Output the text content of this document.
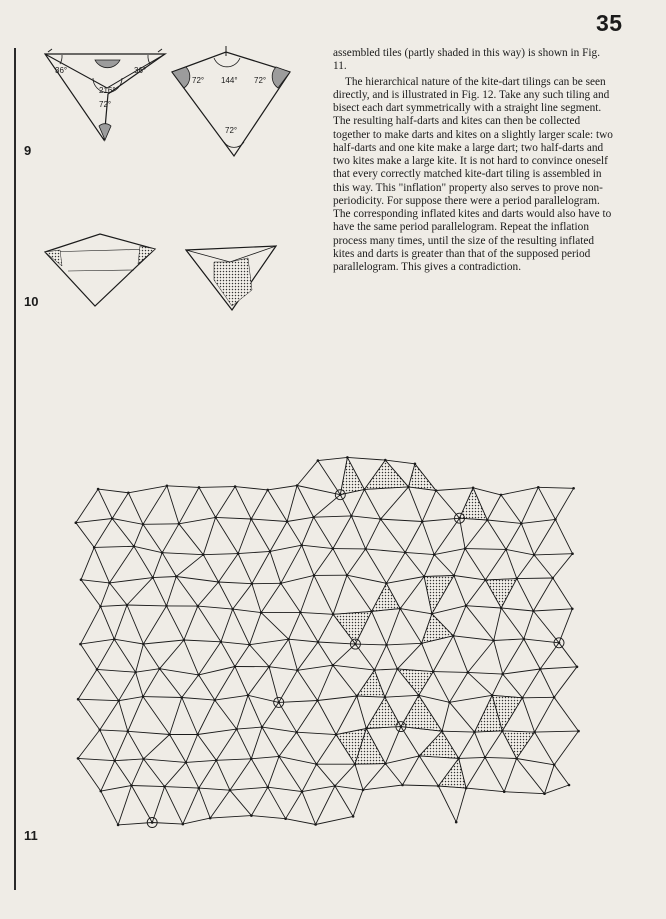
35
36°	36°
216°
72°
72° 144° 72°
72°
9
10

assembled tiles (partly shaded in this way) is shown in Fig. 11.

The hierarchical nature of the kite-dart tilings can be seen directly, and is illustrated in Fig. 12. Take any such tiling and bisect each dart symmetrically with a straight line segment. The resulting half-darts and kites can then be collected together to make darts and kites on a slightly larger scale: two half-darts and one kite make a large dart; two half-darts and two kites make a large kite. It is not hard to convince oneself that every correctly matched kite-dart tiling is assembled in this way. This "inflation" property also serves to prove non-periodicity. For suppose there were a period parallelogram. The corresponding inflated kites and darts would also have to have the same period parallelogram. Repeat the inflation process many times, until the size of the resulting inflated kites and darts is greater than that of the supposed period parallelogram. This gives a contradiction.

11
